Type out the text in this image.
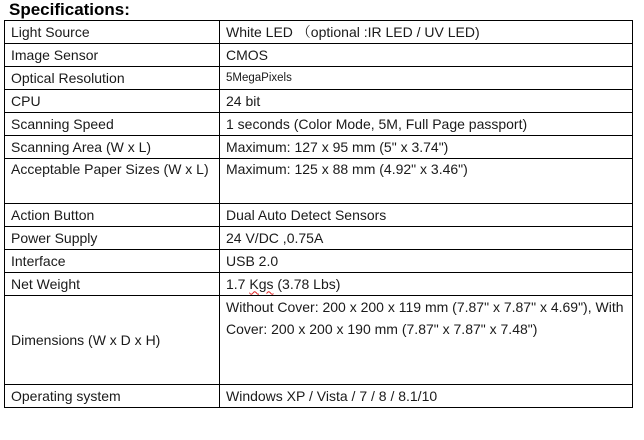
Specifications:
Light Source	White LED （optional :IR LED / UV LED)
Image Sensor	CMOS
Optical Resolution	5MegaPixels
CPU	24 bit
Scanning Speed	1 seconds (Color Mode, 5M, Full Page passport)
Scanning Area (W x L)	Maximum: 127 x 95 mm (5" x 3.74")
Acceptable Paper Sizes (W x L)	Maximum: 125 x 88 mm (4.92" x 3.46")
Action Button	Dual Auto Detect Sensors
Power Supply	24 V/DC ,0.75A
Interface	USB 2.0
Net Weight	1.7 Kgs (3.78 Lbs)
Dimensions (W x D x H)	Without Cover: 200 x 200 x 119 mm (7.87" x 7.87" x 4.69"), With Cover: 200 x 200 x 190 mm (7.87" x 7.87" x 7.48")
Operating system	Windows XP / Vista / 7 / 8 / 8.1/10
